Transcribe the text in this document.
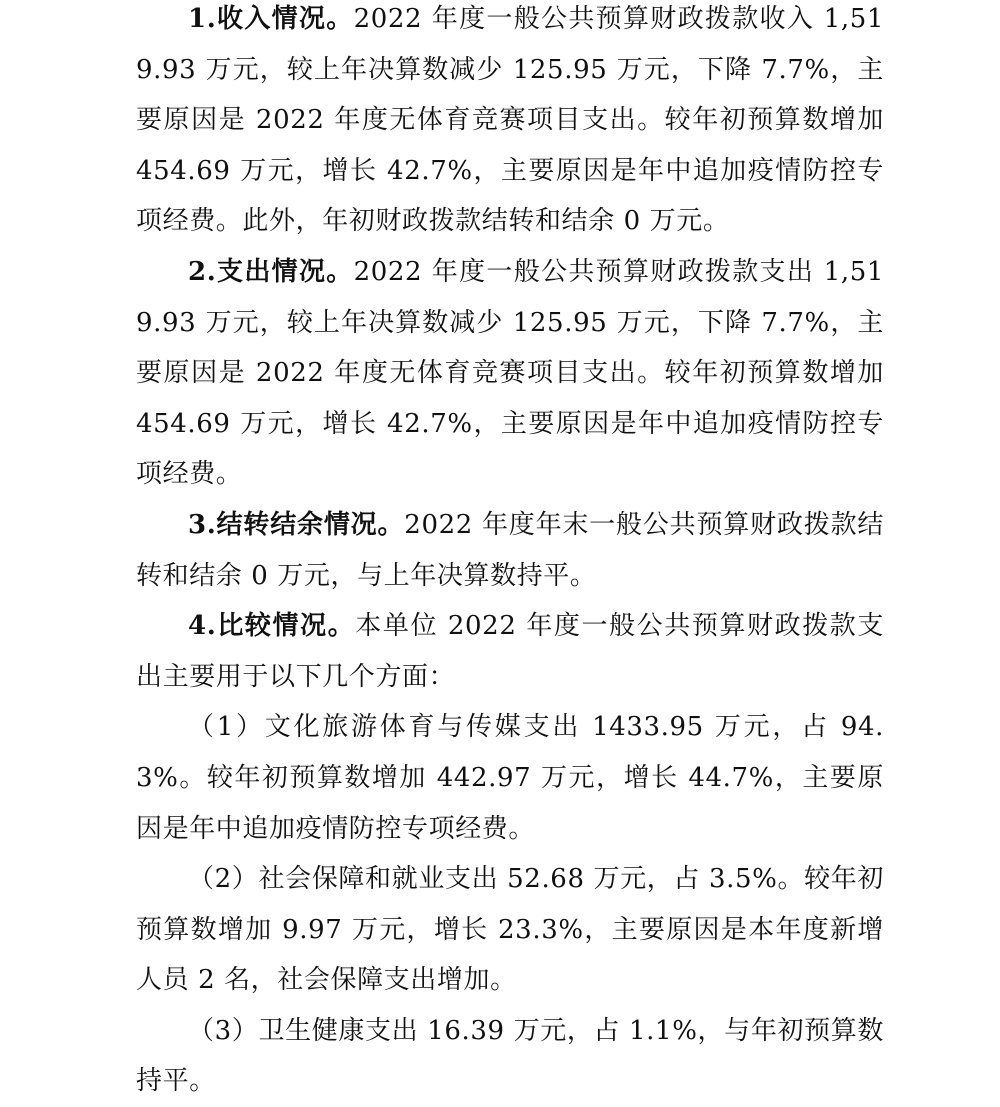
1.收入情况。2022 年度一般公共预算财政拨款收入 1,519.93 万元，较上年决算数减少 125.95 万元，下降 7.7%，主要原因是 2022 年度无体育竞赛项目支出。较年初预算数增加 454.69 万元，增长 42.7%，主要原因是年中追加疫情防控专项经费。此外，年初财政拨款结转和结余 0 万元。

2.支出情况。2022 年度一般公共预算财政拨款支出 1,519.93 万元，较上年决算数减少 125.95 万元，下降 7.7%，主要原因是 2022 年度无体育竞赛项目支出。较年初预算数增加 454.69 万元，增长 42.7%，主要原因是年中追加疫情防控专项经费。

3.结转结余情况。2022 年度年末一般公共预算财政拨款结转和结余 0 万元，与上年决算数持平。

4.比较情况。本单位 2022 年度一般公共预算财政拨款支出主要用于以下几个方面：

（1）文化旅游体育与传媒支出 1433.95 万元，占 94.3%。较年初预算数增加 442.97 万元，增长 44.7%，主要原因是年中追加疫情防控专项经费。

（2）社会保障和就业支出 52.68 万元，占 3.5%。较年初预算数增加 9.97 万元，增长 23.3%，主要原因是本年度新增人员 2 名，社会保障支出增加。

（3）卫生健康支出 16.39 万元，占 1.1%，与年初预算数持平。
